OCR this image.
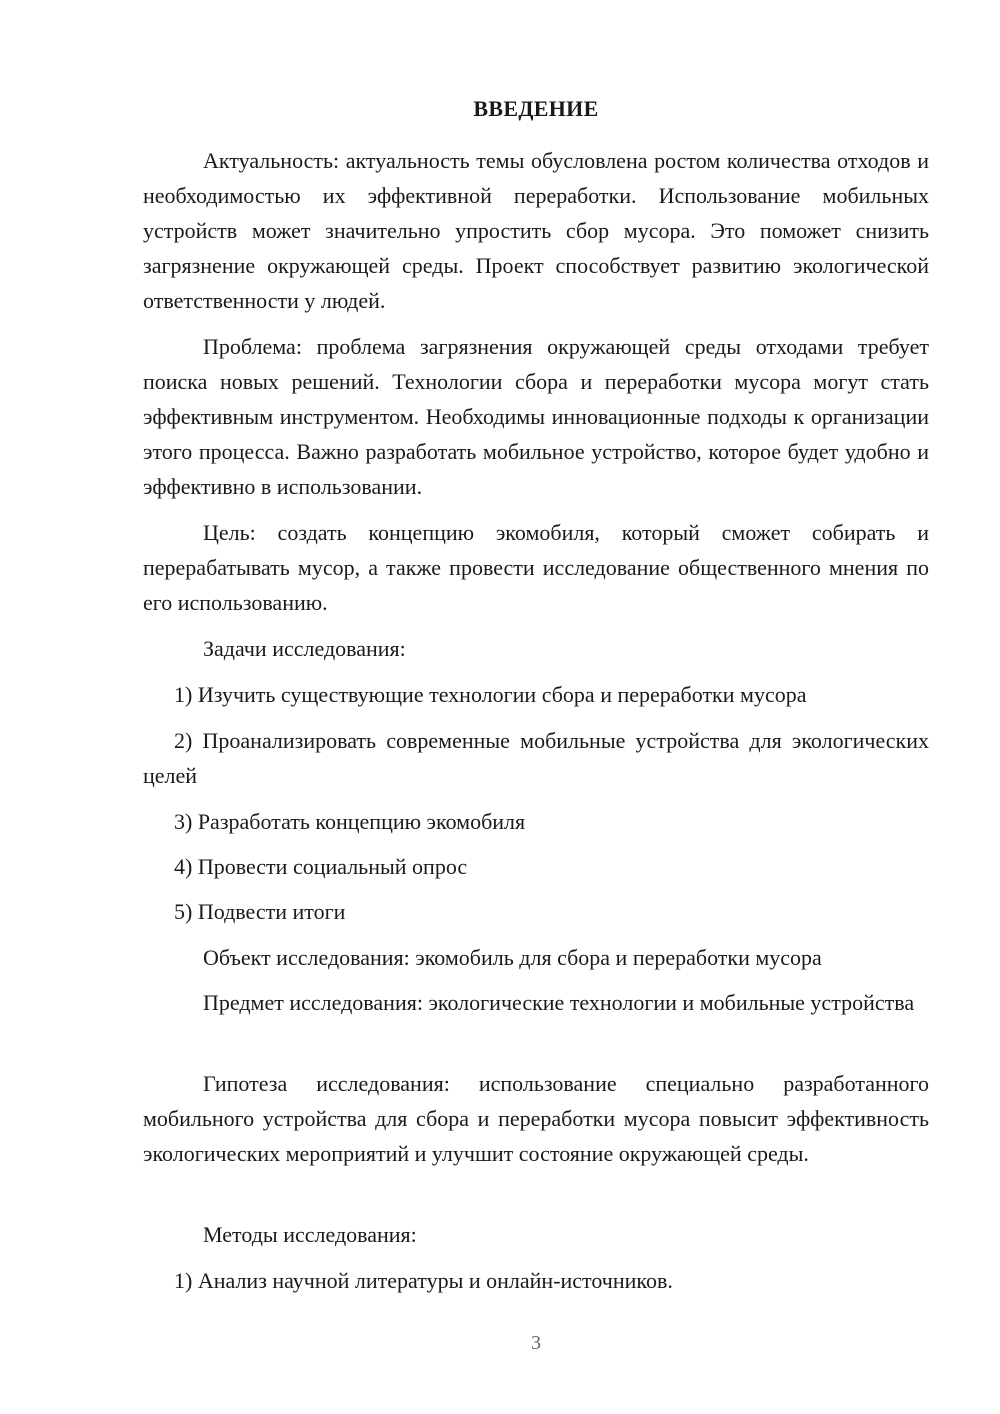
ВВЕДЕНИЕ

Актуальность: актуальность темы обусловлена ростом количества отходов и необходимостью их эффективной переработки. Использование мобильных устройств может значительно упростить сбор мусора. Это поможет снизить загрязнение окружающей среды. Проект способствует развитию экологической ответственности у людей.

Проблема: проблема загрязнения окружающей среды отходами требует поиска новых решений. Технологии сбора и переработки мусора могут стать эффективным инструментом. Необходимы инновационные подходы к организации этого процесса. Важно разработать мобильное устройство, которое будет удобно и эффективно в использовании.

Цель: создать концепцию экомобиля, который сможет собирать и перерабатывать мусор, а также провести исследование общественного мнения по его использованию.

Задачи исследования:

1) Изучить существующие технологии сбора и переработки мусора

2) Проанализировать современные мобильные устройства для экологических целей

3) Разработать концепцию экомобиля

4) Провести социальный опрос

5) Подвести итоги

Объект исследования: экомобиль для сбора и переработки мусора

Предмет исследования: экологические технологии и мобильные устройства

Гипотеза исследования: использование специально разработанного мобильного устройства для сбора и переработки мусора повысит эффективность экологических мероприятий и улучшит состояние окружающей среды.

Методы исследования:

1) Анализ научной литературы и онлайн-источников.

3
